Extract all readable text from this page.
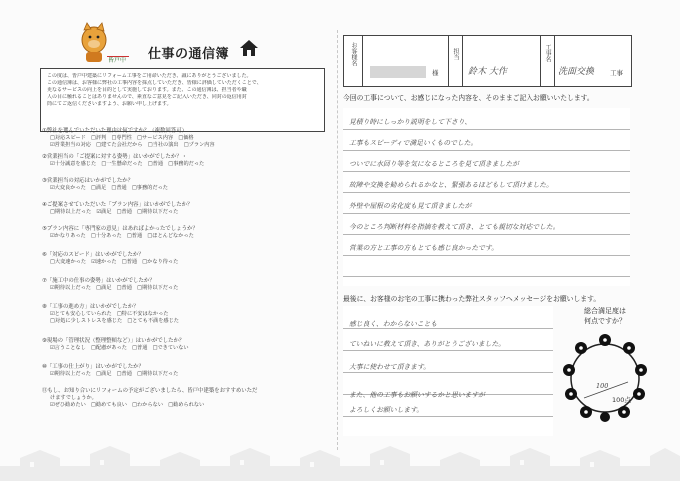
皆戸中 仕事の通信簿
この度は、皆戸中建築にリフォーム工事をご用命いただき、誠にありがとうございました。
この通信簿は、お客様に弊社の工事内容を採点していただき、皆様に評価していただくことで、
更なるサービスの向上を目的として実施しております。また、この通信簿は、担当者や職
人の目に触れることはありませんので、素直なご意見をご記入いただき、同封の返信用封
筒にてご返信くださいますよう、お願い申し上げます。
①弊社を選んでいただいた理由は何ですか？（複数回答可）
□対応スピード　□評判　□専門性　□サービス内容　□価格
☑営業担当の対応　□建てた会社だから　□当社の演出　□プラン内容
②営業担当の「ご提案に対する姿勢」はいかがでしたか？・
☑十分誠意を感じた　□一生懸命だった　□普通　□事務的だった
③営業担当の対応はいかがでしたか？
☑大変良かった　□満足　□普通　□事務的だった
④ご提案させていただいた「プラン内容」はいかがでしたか？
□期待以上だった　☑満足　□普通　□期待以下だった
⑤プラン内容に「専門家の意見」はあればよかったでしょうか？
☑かなりあった　□十分あった　□普通　□ほとんどなかった
⑥「対応のスピード」はいかがでしたか？
□大変速かった　☑速かった　□普通　□かなり待った
⑦「施工中の仕事の姿勢」はいかがでしたか？
☑期待以上だった　□満足　□普通　□期待以下だった
⑧「工事の進め方」はいかがでしたか？
☑とても安心していられた　□特に不安はなかった
□対処に少しストレスを感じた　□とても不満を感じた
⑨現場の「管理状況（整理整頓など）」はいかがでしたか？
☑言うことなし　□配慮があった　□普通　□できていない
⑩「工事の仕上がり」はいかがでしたか？
☑期待以上だった　□満足　□普通　□期待以下だった
⑪もし、お知り合いにリフォームの予定がございましたら、皆戸中建築をおすすめいただ
けますでしょうか。
☑ぜひ勧めたい　□勧めても良い　□わからない　□勧められない
お客様名
様
担当
鈴木 大作
工事名
洗面交換 工事
今回の工事について、お感じになった内容を、そのままご記入お願いいたします。
見積り時にしっかり説明をして下さり、
工事もスピーディで満足いくものでした。
ついでに水回り等を気になるところを見て頂きましたが
故障や交換を勧められるかなと、緊張あるほどもして頂けました。
外壁や屋根の劣化度も見て頂きましたが
今のところ判断材料を指摘を教えて頂き、とても親切な対応でした。
営業の方と工事の方もとても感じ良かったです。
最後に、お客様のお宅の工事に携わった弊社スタッフへメッセージをお願いします。
感じ良く、わからないことも
ていねいに教えて頂き、ありがとうございました。
大事に使わせて頂きます。
また、他の工事もお願いするかと思いますが
よろしくお願いします。
総合満足度は
何点ですか？
100
100点
